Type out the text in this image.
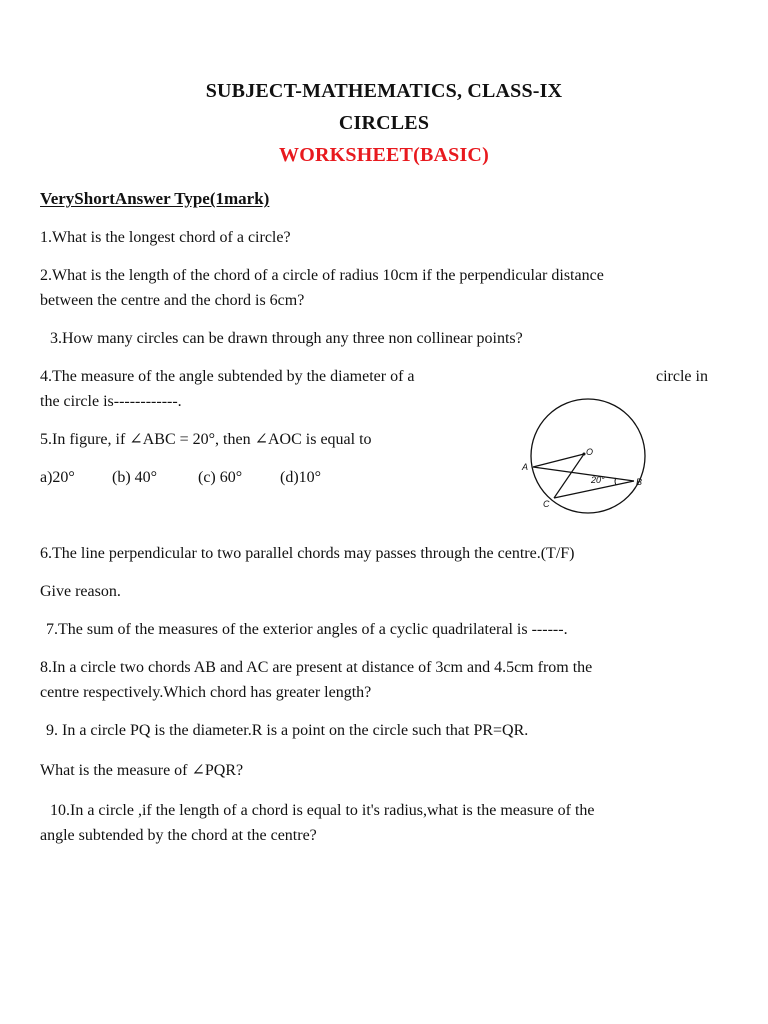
SUBJECT-MATHEMATICS, CLASS-IX
CIRCLES
WORKSHEET(BASIC)
VeryShortAnswer Type(1mark)
1.What is the longest chord of a circle?
2.What is the length of the chord of a circle of radius 10cm if the perpendicular distance
between the centre and the chord is 6cm?
3.How many circles can be drawn through any three non collinear points?
4.The measure of the angle subtended by the diameter of a	circle in
the circle is------------.
5.In figure, if ∠ABC = 20°, then ∠AOC is equal to
a)20° (b) 40°	(c) 60° (d)10°
O
A
B
C
20°
6.The line perpendicular to two parallel chords may passes through the centre.(T/F)
Give reason.
7.The sum of the measures of the exterior angles of a cyclic quadrilateral is ------.
8.In a circle two chords AB and AC are present at distance of 3cm and 4.5cm from the
centre respectively.Which chord has greater length?
9. In a circle PQ is the diameter.R is a point on the circle such that PR=QR.
What is the measure of ∠PQR?
10.In a circle ,if the length of a chord is equal to it's radius,what is the measure of the
angle subtended by the chord at the centre?
